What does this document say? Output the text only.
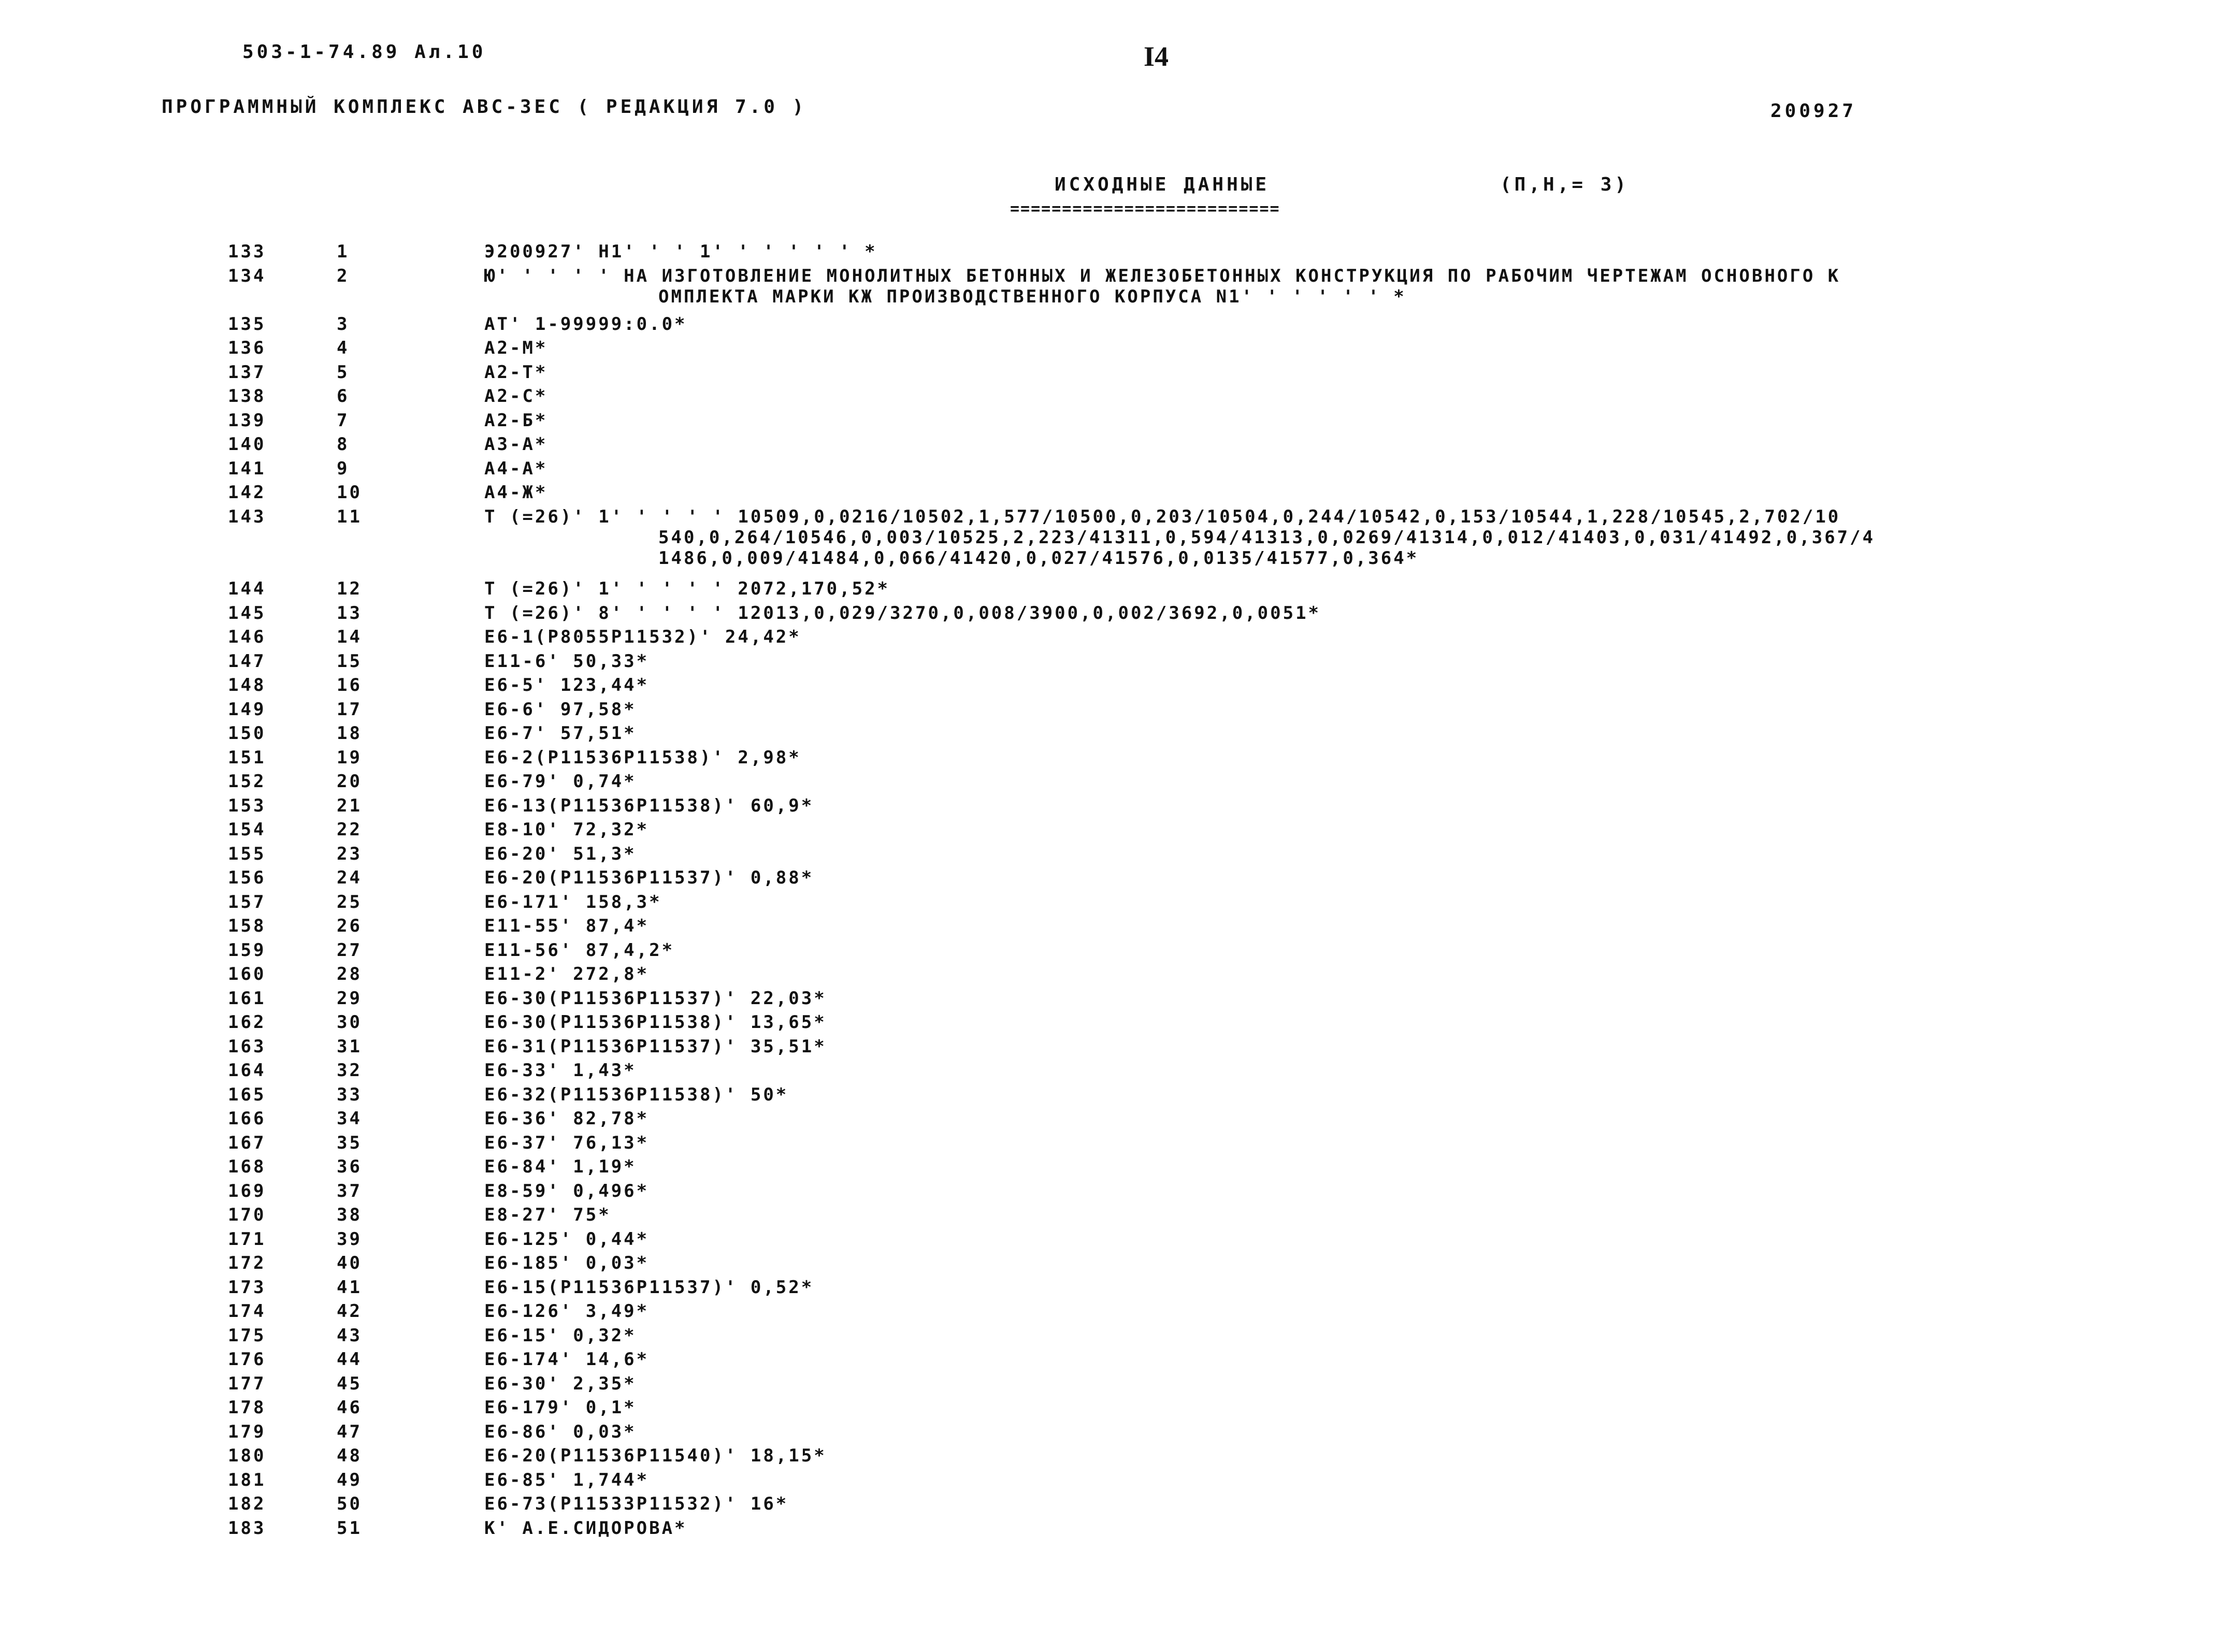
503-1-74.89 Ал.10	I4
ПРОГРАММНЫЙ КОМПЛЕКС АВС-3ЕС ( РЕДАКЦИЯ 7.0 )	200927
ИСХОДНЫЕ ДАННЫЕ
==========================
(П,Н,= 3)
133	1	Э200927' Н1' ' ' 1' ' ' ' ' ' *
134	2	Ю' ' ' ' ' НА ИЗГОТОВЛЕНИЕ МОНОЛИТНЫХ БЕТОННЫХ И ЖЕЛЕЗОБЕТОННЫХ КОНСТРУКЦИЯ ПО РАБОЧИМ ЧЕРТЕЖАМ ОСНОВНОГО К
ОМПЛЕКТА МАРКИ КЖ ПРОИЗВОДСТВЕННОГО КОРПУСА N1' ' ' ' ' ' *
135	3	АТ' 1-99999:0.0*
136	4	А2-М*
137	5	А2-Т*
138	6	А2-С*
139	7	А2-Б*
140	8	А3-А*
141	9	А4-А*
142	10	А4-Ж*
143	11	Т (=26)' 1' ' ' ' ' 10509,0,0216/10502,1,577/10500,0,203/10504,0,244/10542,0,153/10544,1,228/10545,2,702/10
540,0,264/10546,0,003/10525,2,223/41311,0,594/41313,0,0269/41314,0,012/41403,0,031/41492,0,367/4
1486,0,009/41484,0,066/41420,0,027/41576,0,0135/41577,0,364*
144	12	Т (=26)' 1' ' ' ' ' 2072,170,52*
145	13	Т (=26)' 8' ' ' ' ' 12013,0,029/3270,0,008/3900,0,002/3692,0,0051*
146	14	Е6-1(Р8055Р11532)' 24,42*
147	15	Е11-6' 50,33*
148	16	Е6-5' 123,44*
149	17	Е6-6' 97,58*
150	18	Е6-7' 57,51*
151	19	Е6-2(Р11536Р11538)' 2,98*
152	20	Е6-79' 0,74*
153	21	Е6-13(Р11536Р11538)' 60,9*
154	22	Е8-10' 72,32*
155	23	Е6-20' 51,3*
156	24	Е6-20(Р11536Р11537)' 0,88*
157	25	Е6-171' 158,3*
158	26	Е11-55' 87,4*
159	27	Е11-56' 87,4,2*
160	28	Е11-2' 272,8*
161	29	Е6-30(Р11536Р11537)' 22,03*
162	30	Е6-30(Р11536Р11538)' 13,65*
163	31	Е6-31(Р11536Р11537)' 35,51*
164	32	Е6-33' 1,43*
165	33	Е6-32(Р11536Р11538)' 50*
166	34	Е6-36' 82,78*
167	35	Е6-37' 76,13*
168	36	Е6-84' 1,19*
169	37	Е8-59' 0,496*
170	38	Е8-27' 75*
171	39	Е6-125' 0,44*
172	40	Е6-185' 0,03*
173	41	Е6-15(Р11536Р11537)' 0,52*
174	42	Е6-126' 3,49*
175	43	Е6-15' 0,32*
176	44	Е6-174' 14,6*
177	45	Е6-30' 2,35*
178	46	Е6-179' 0,1*
179	47	Е6-86' 0,03*
180	48	Е6-20(Р11536Р11540)' 18,15*
181	49	Е6-85' 1,744*
182	50	Е6-73(Р11533Р11532)' 16*
183	51	К' А.Е.СИДОРОВА*
